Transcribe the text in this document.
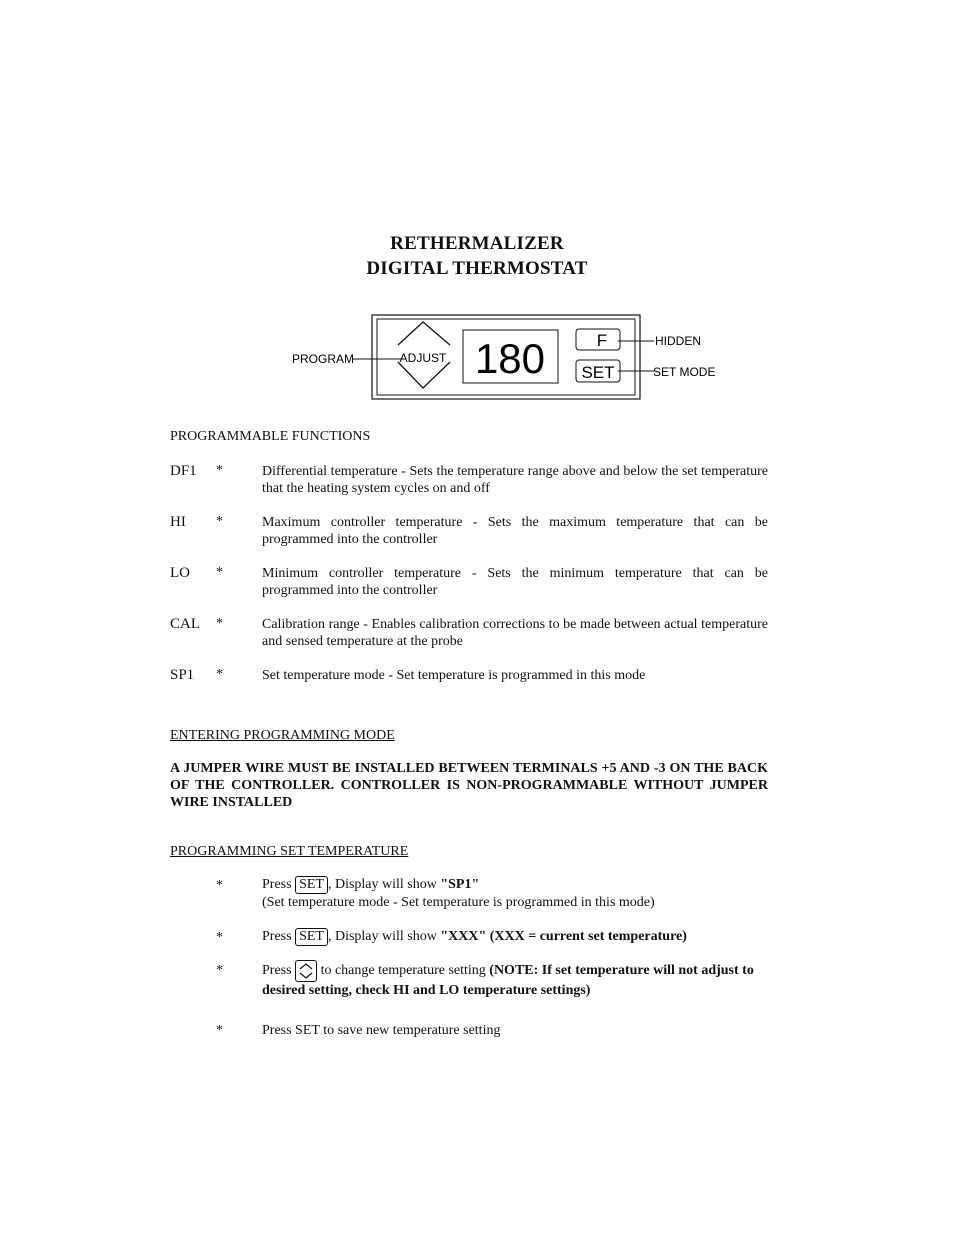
RETHERMALIZER
DIGITAL THERMOSTAT
ADJUST 180	F
SET
PROGRAM
HIDDEN
SET MODE
PROGRAMMABLE FUNCTIONS
DF1 *	Differential temperature - Sets the temperature range above and below the set temperature that the heating system cycles on and off
HI *	Maximum controller temperature - Sets the maximum temperature that can be programmed into the controller
LO *	Minimum controller temperature - Sets the minimum temperature that can be programmed into the controller
CAL *	Calibration range - Enables calibration corrections to be made between actual temperature and sensed temperature at the probe
SP1 *	Set temperature mode - Set temperature is programmed in this mode
ENTERING PROGRAMMING MODE
A JUMPER WIRE MUST BE INSTALLED BETWEEN TERMINALS +5 AND -3 ON THE BACK OF THE CONTROLLER. CONTROLLER IS NON-PROGRAMMABLE WITHOUT JUMPER WIRE INSTALLED
PROGRAMMING SET TEMPERATURE
*	Press SET , Display will show "SP1"
(Set temperature mode - Set temperature is programmed in this mode)
*	Press SET , Display will show "XXX" (XXX = current set temperature)
*	Press
to change temperature setting (NOTE: If set temperature will not adjust to desired setting, check HI and LO temperature settings)
*	Press SET to save new temperature setting
